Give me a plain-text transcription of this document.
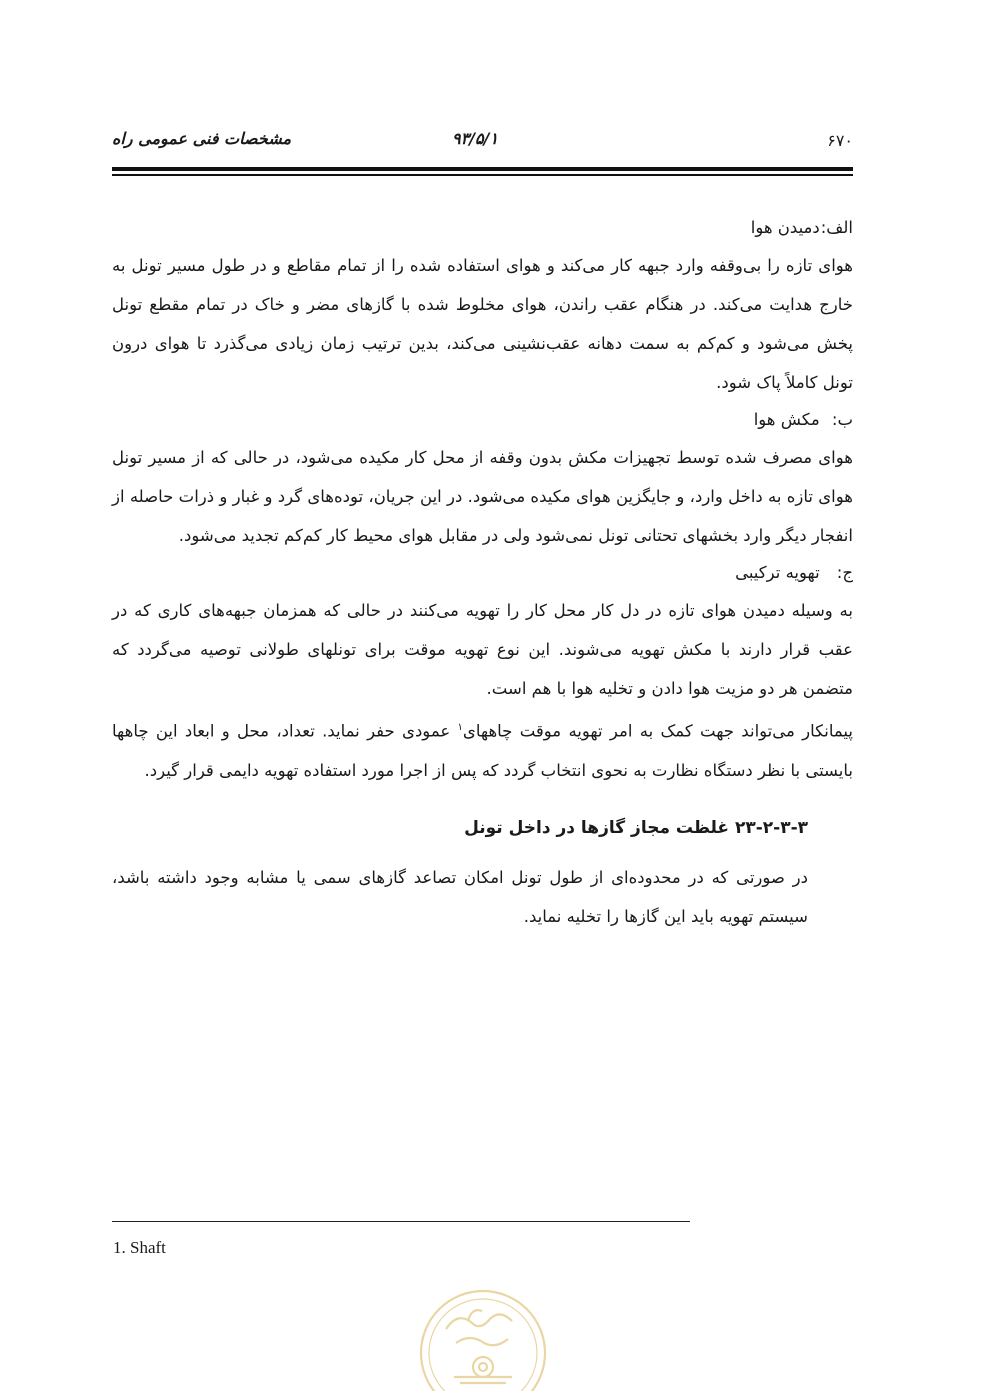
۶۷۰
۹۳/۵/۱
مشخصات فنی عمومی راه
الف: دمیدن هوا

هوای تازه را بی‌وقفه وارد جبهه کار می‌کند و هوای استفاده شده را از تمام مقاطع و در طول مسیر تونل به خارج هدایت می‌کند. در هنگام عقب راندن، هوای مخلوط شده با گازهای مضر و خاک در تمام مقطع تونل پخش می‌شود و کم‌کم به سمت دهانه عقب‌نشینی می‌کند، بدین ترتیب زمان زیادی می‌گذرد تا هوای درون تونل کاملاً پاک شود.

ب: مکش هوا

هوای مصرف شده توسط تجهیزات مکش بدون وقفه از محل کار مکیده می‌شود، در حالی که از مسیر تونل هوای تازه به داخل وارد، و جایگزین هوای مکیده می‌شود. در این جریان، توده‌های گرد و غبار و ذرات حاصله از انفجار دیگر وارد بخشهای تحتانی تونل نمی‌شود ولی در مقابل هوای محیط کار کم‌کم تجدید می‌شود.

ج: تهویه ترکیبی

به وسیله دمیدن هوای تازه در دل کار محل کار را تهویه می‌کنند در حالی که همزمان جبهه‌های کاری که در عقب قرار دارند با مکش تهویه می‌شوند. این نوع تهویه موقت برای تونلهای طولانی توصیه می‌گردد که متضمن هر دو مزیت هوا دادن و تخلیه هوا با هم است.

پیمانکار می‌تواند جهت کمک به امر تهویه موقت چاههای$^۱$ عمودی حفر نماید. تعداد، محل و ابعاد این چاهها بایستی با نظر دستگاه نظارت به نحوی انتخاب گردد که پس از اجرا مورد استفاده تهویه دایمی قرار گیرد.

۲۳-۲-۳-۳ غلظت مجاز گازها در داخل تونل

در صورتی که در محدوده‌ای از طول تونل امکان تصاعد گازهای سمی یا مشابه وجود داشته باشد، سیستم تهویه باید این گازها را تخلیه نماید.

1. Shaft
